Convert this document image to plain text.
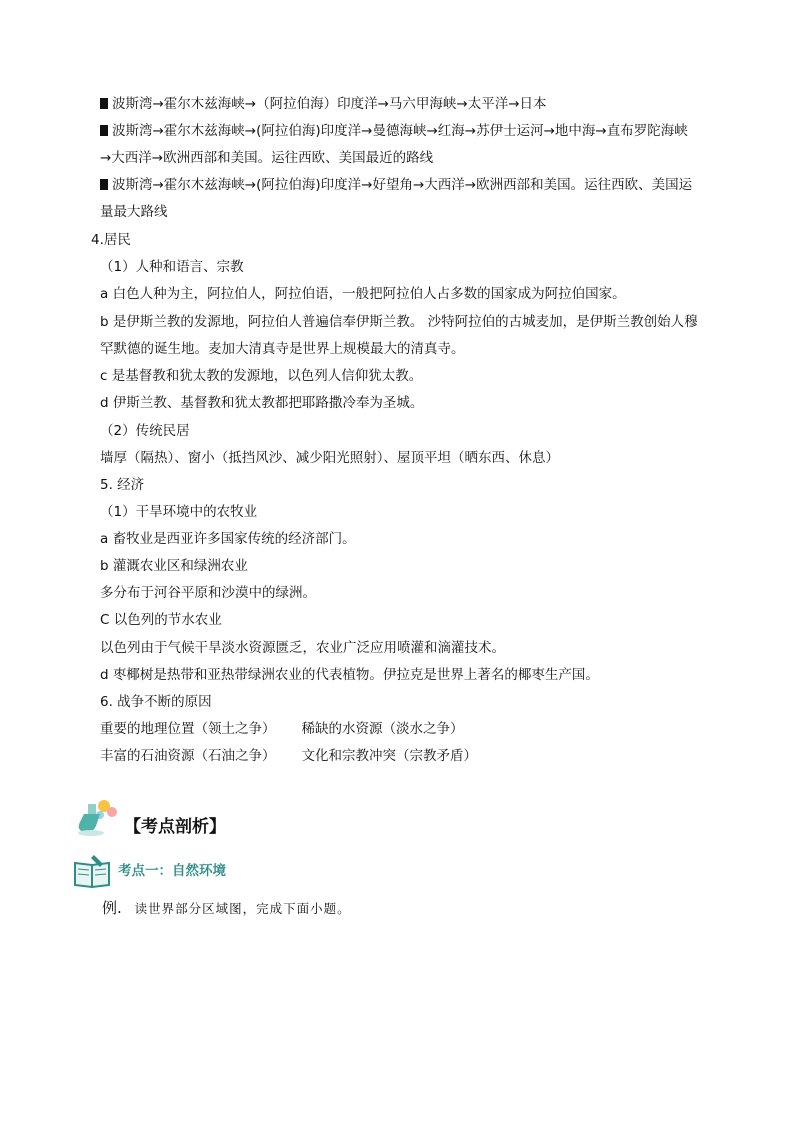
波斯湾→霍尔木兹海峡→（阿拉伯海）印度洋→马六甲海峡→太平洋→日本
波斯湾→霍尔木兹海峡→(阿拉伯海)印度洋→曼德海峡→红海→苏伊士运河→地中海→直布罗陀海峡
→大西洋→欧洲西部和美国。运往西欧、美国最近的路线
波斯湾→霍尔木兹海峡→(阿拉伯海)印度洋→好望角→大西洋→欧洲西部和美国。运往西欧、美国运
量最大路线
4.居民
（1）人种和语言、宗教
a 白色人种为主，阿拉伯人，阿拉伯语，一般把阿拉伯人占多数的国家成为阿拉伯国家。
b 是伊斯兰教的发源地，阿拉伯人普遍信奉伊斯兰教。 沙特阿拉伯的古城麦加，是伊斯兰教创始人穆
罕默德的诞生地。麦加大清真寺是世界上规模最大的清真寺。
c 是基督教和犹太教的发源地，以色列人信仰犹太教。
d 伊斯兰教、基督教和犹太教都把耶路撒冷奉为圣城。
（2）传统民居
墙厚（隔热）、窗小（抵挡风沙、减少阳光照射）、屋顶平坦（晒东西、休息）
5. 经济
（1）干旱环境中的农牧业
a 畜牧业是西亚许多国家传统的经济部门。
b 灌溉农业区和绿洲农业
多分布于河谷平原和沙漠中的绿洲。
C 以色列的节水农业
以色列由于气候干旱淡水资源匮乏，农业广泛应用喷灌和滴灌技术。
d 枣椰树是热带和亚热带绿洲农业的代表植物。伊拉克是世界上著名的椰枣生产国。
6. 战争不断的原因
重要的地理位置（领土之争） 稀缺的水资源（淡水之争）
丰富的石油资源（石油之争） 文化和宗教冲突（宗教矛盾）
【考点剖析】
考点一：自然环境
例. 读世界部分区域图，完成下面小题。
